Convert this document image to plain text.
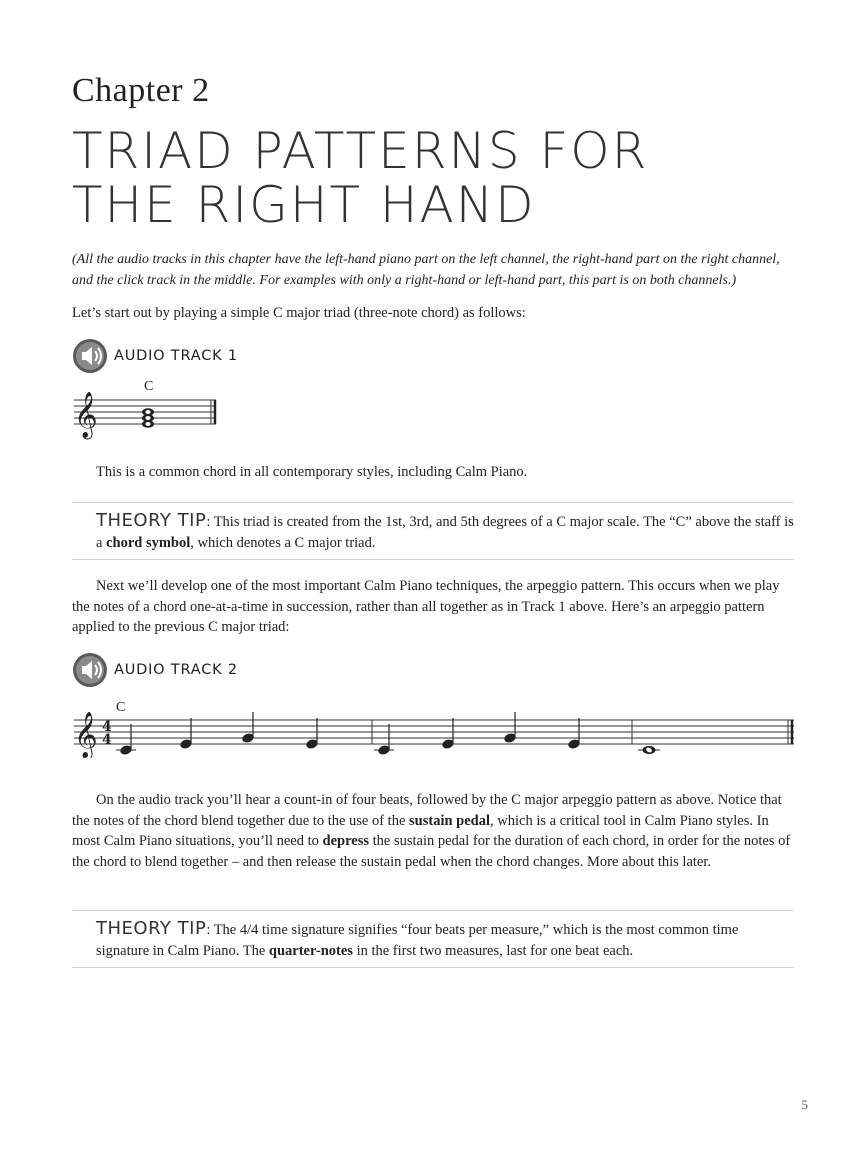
Chapter 2
TRIAD PATTERNS FOR
THE RIGHT HAND
(All the audio tracks in this chapter have the left-hand piano part on the left channel, the right-hand part on the right channel, and the click track in the middle. For examples with only a right-hand or left-hand part, this part is on both channels.)
Let’s start out by playing a simple C major triad (three-note chord) as follows:
AUDIO TRACK 1
C
𝄞
This is a common chord in all contemporary styles, including Calm Piano.
THEORY TIP: This triad is created from the 1st, 3rd, and 5th degrees of a C major scale. The “C” above the staff is a chord symbol, which denotes a C major triad.
Next we’ll develop one of the most important Calm Piano techniques, the arpeggio pattern. This occurs when we play the notes of a chord one-at-a-time in succession, rather than all together as in Track 1 above. Here’s an arpeggio pattern applied to the previous C major triad:
AUDIO TRACK 2
C
𝄞 4
4
On the audio track you’ll hear a count-in of four beats, followed by the C major arpeggio pattern as above. Notice that the notes of the chord blend together due to the use of the sustain pedal, which is a critical tool in Calm Piano styles. In most Calm Piano situations, you’ll need to depress the sustain pedal for the duration of each chord, in order for the notes of the chord to blend together – and then release the sustain pedal when the chord changes. More about this later.
THEORY TIP: The 4/4 time signature signifies “four beats per measure,” which is the most common time signature in Calm Piano. The quarter-notes in the first two measures, last for one beat each.
5
